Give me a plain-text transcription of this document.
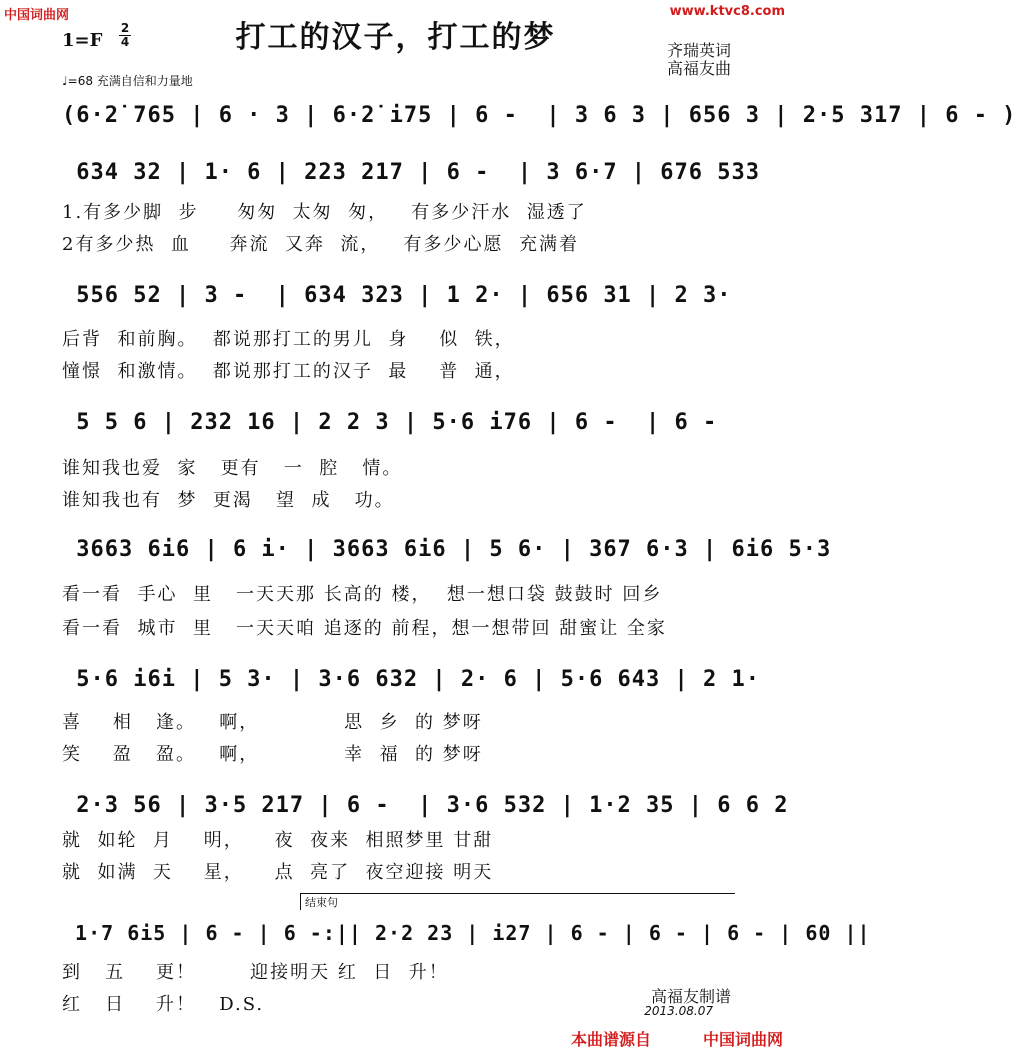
中国词曲网	www.ktvc8.com
打工的汉子，打工的梦
1=F
2
4	齐瑞英词
高福友曲
♩=68 充满自信和力量地
(6·2̇ 765 | 6 · 3 | 6·2̇ i75 | 6 -  | 3 6 3 | 656 3 | 2·5 317 | 6 - )
634 32 | 1· 6 | 223 217 | 6 -  | 3 6·7 | 676 533
1.有多少脚  步     匆匆  太匆  匆，   有多少汗水  湿透了
2有多少热  血     奔流  又奔  流，   有多少心愿  充满着
556 52 | 3 -  | 634 323 | 1 2· | 656 31 | 2 3·
后背  和前胸。  都说那打工的男儿  身    似  铁，
憧憬  和激情。  都说那打工的汉子  最    普  通，
5 5 6 | 232 16 | 2 2 3 | 5·6 i76 | 6 -  | 6 -
谁知我也爱  家   更有   一  腔   情。
谁知我也有  梦  更渴   望  成   功。
3663 6i6 | 6 i· | 3663 6i6 | 5 6· | 367 6·3 | 6i6 5·3
看一看  手心  里   一天天那 长高的 楼，  想一想口袋 鼓鼓时 回乡
看一看  城市  里   一天天咱 追逐的 前程，想一想带回 甜蜜让 全家
5·6 i6i | 5 3· | 3·6 632 | 2· 6 | 5·6 643 | 2 1·
喜    相   逢。   啊，           思  乡  的 梦呀
笑    盈   盈。   啊，           幸  福  的 梦呀
2·3 56 | 3·5 217 | 6 -  | 3·6 532 | 1·2 35 | 6 6 2
就  如轮  月    明，    夜  夜来  相照梦里 甘甜
就  如满  天    星，    点  亮了  夜空迎接 明天
结束句
1·7 6i5 | 6 - | 6 -:|| 2·2 23 | i27 | 6 - | 6 - | 6 - | 60 ||
到   五    更！       迎接明天 红  日  升！
红   日    升！   D.S.	高福友制谱
2013.08.07
本曲谱源自	中国词曲网
